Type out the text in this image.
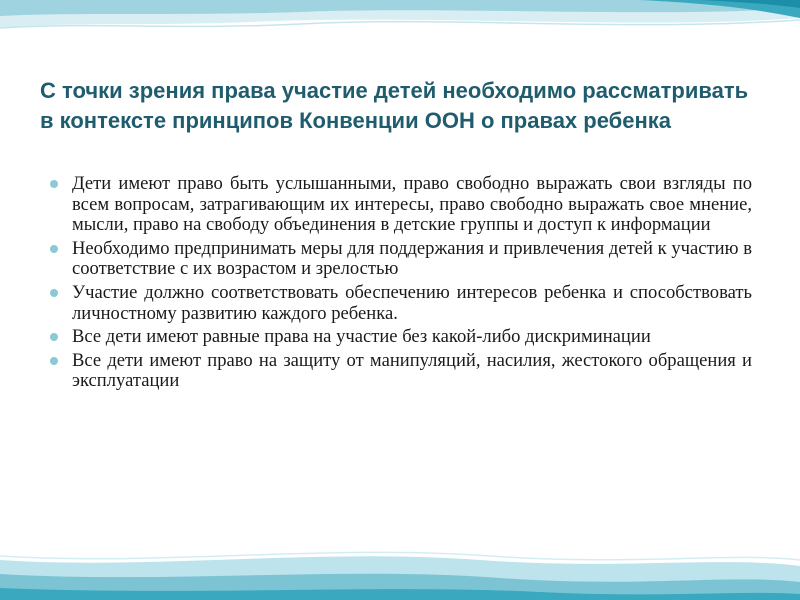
С точки зрения права участие детей необходимо рассматривать в контексте принципов Конвенции ООН о правах ребенка
Дети имеют право быть услышанными, право свободно выражать свои взгляды по всем вопросам, затрагивающим их интересы, право свободно выражать свое мнение, мысли, право на свободу объединения в детские группы и доступ к информации
Необходимо предпринимать меры для поддержания и привлечения детей к участию в соответствие с их возрастом и зрелостью
Участие должно соответствовать обеспечению интересов ребенка и способствовать личностному развитию каждого ребенка.
Все дети имеют равные права на участие без какой-либо дискриминации
Все дети имеют право на защиту от манипуляций, насилия, жестокого обращения и эксплуатации
